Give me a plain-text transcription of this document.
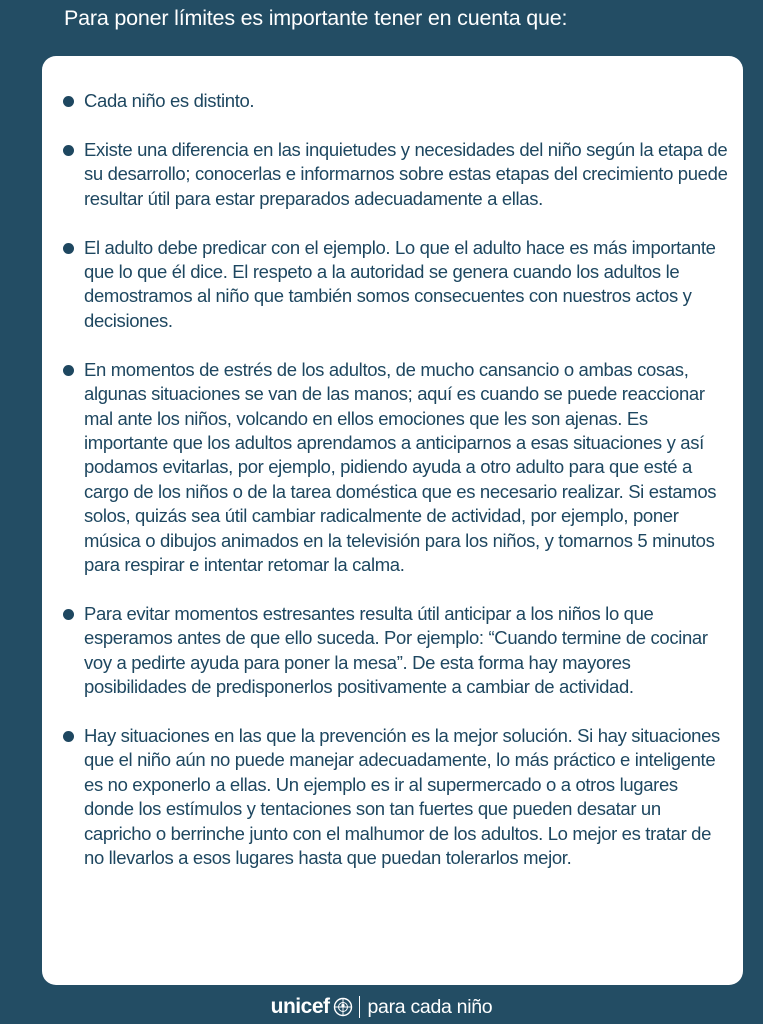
Para poner límites es importante tener en cuenta que:
Cada niño es distinto.
Existe una diferencia en las inquietudes y necesidades del niño según la etapa de su desarrollo; conocerlas e informarnos sobre estas etapas del crecimiento puede resultar útil para estar preparados adecuadamente a ellas.
El adulto debe predicar con el ejemplo. Lo que el adulto hace es más importante que lo que él dice. El respeto a la autoridad se genera cuando los adultos le demostramos al niño que también somos consecuentes con nuestros actos y decisiones.
En momentos de estrés de los adultos, de mucho cansancio o ambas cosas, algunas situaciones se van de las manos; aquí es cuando se puede reaccionar mal ante los niños, volcando en ellos emociones que les son ajenas. Es importante que los adultos aprendamos a anticiparnos a esas situaciones y así podamos evitarlas, por ejemplo, pidiendo ayuda a otro adulto para que esté a cargo de los niños o de la tarea doméstica que es necesario realizar. Si estamos solos, quizás sea útil cambiar radicalmente de actividad, por ejemplo, poner música o dibujos animados en la televisión para los niños, y tomarnos 5 minutos para respirar e intentar retomar la calma.
Para evitar momentos estresantes resulta útil anticipar a los niños lo que esperamos antes de que ello suceda. Por ejemplo: “Cuando termine de cocinar voy a pedirte ayuda para poner la mesa”. De esta forma hay mayores posibilidades de predisponerlos positivamente a cambiar de actividad.
Hay situaciones en las que la prevención es la mejor solución. Si hay situaciones que el niño aún no puede manejar adecuadamente, lo más práctico e inteligente es no exponerlo a ellas. Un ejemplo es ir al supermercado o a otros lugares donde los estímulos y tentaciones son tan fuertes que pueden desatar un capricho o berrinche junto con el malhumor de los adultos. Lo mejor es tratar de no llevarlos a esos lugares hasta que puedan tolerarlos mejor.
unicef para cada niño
